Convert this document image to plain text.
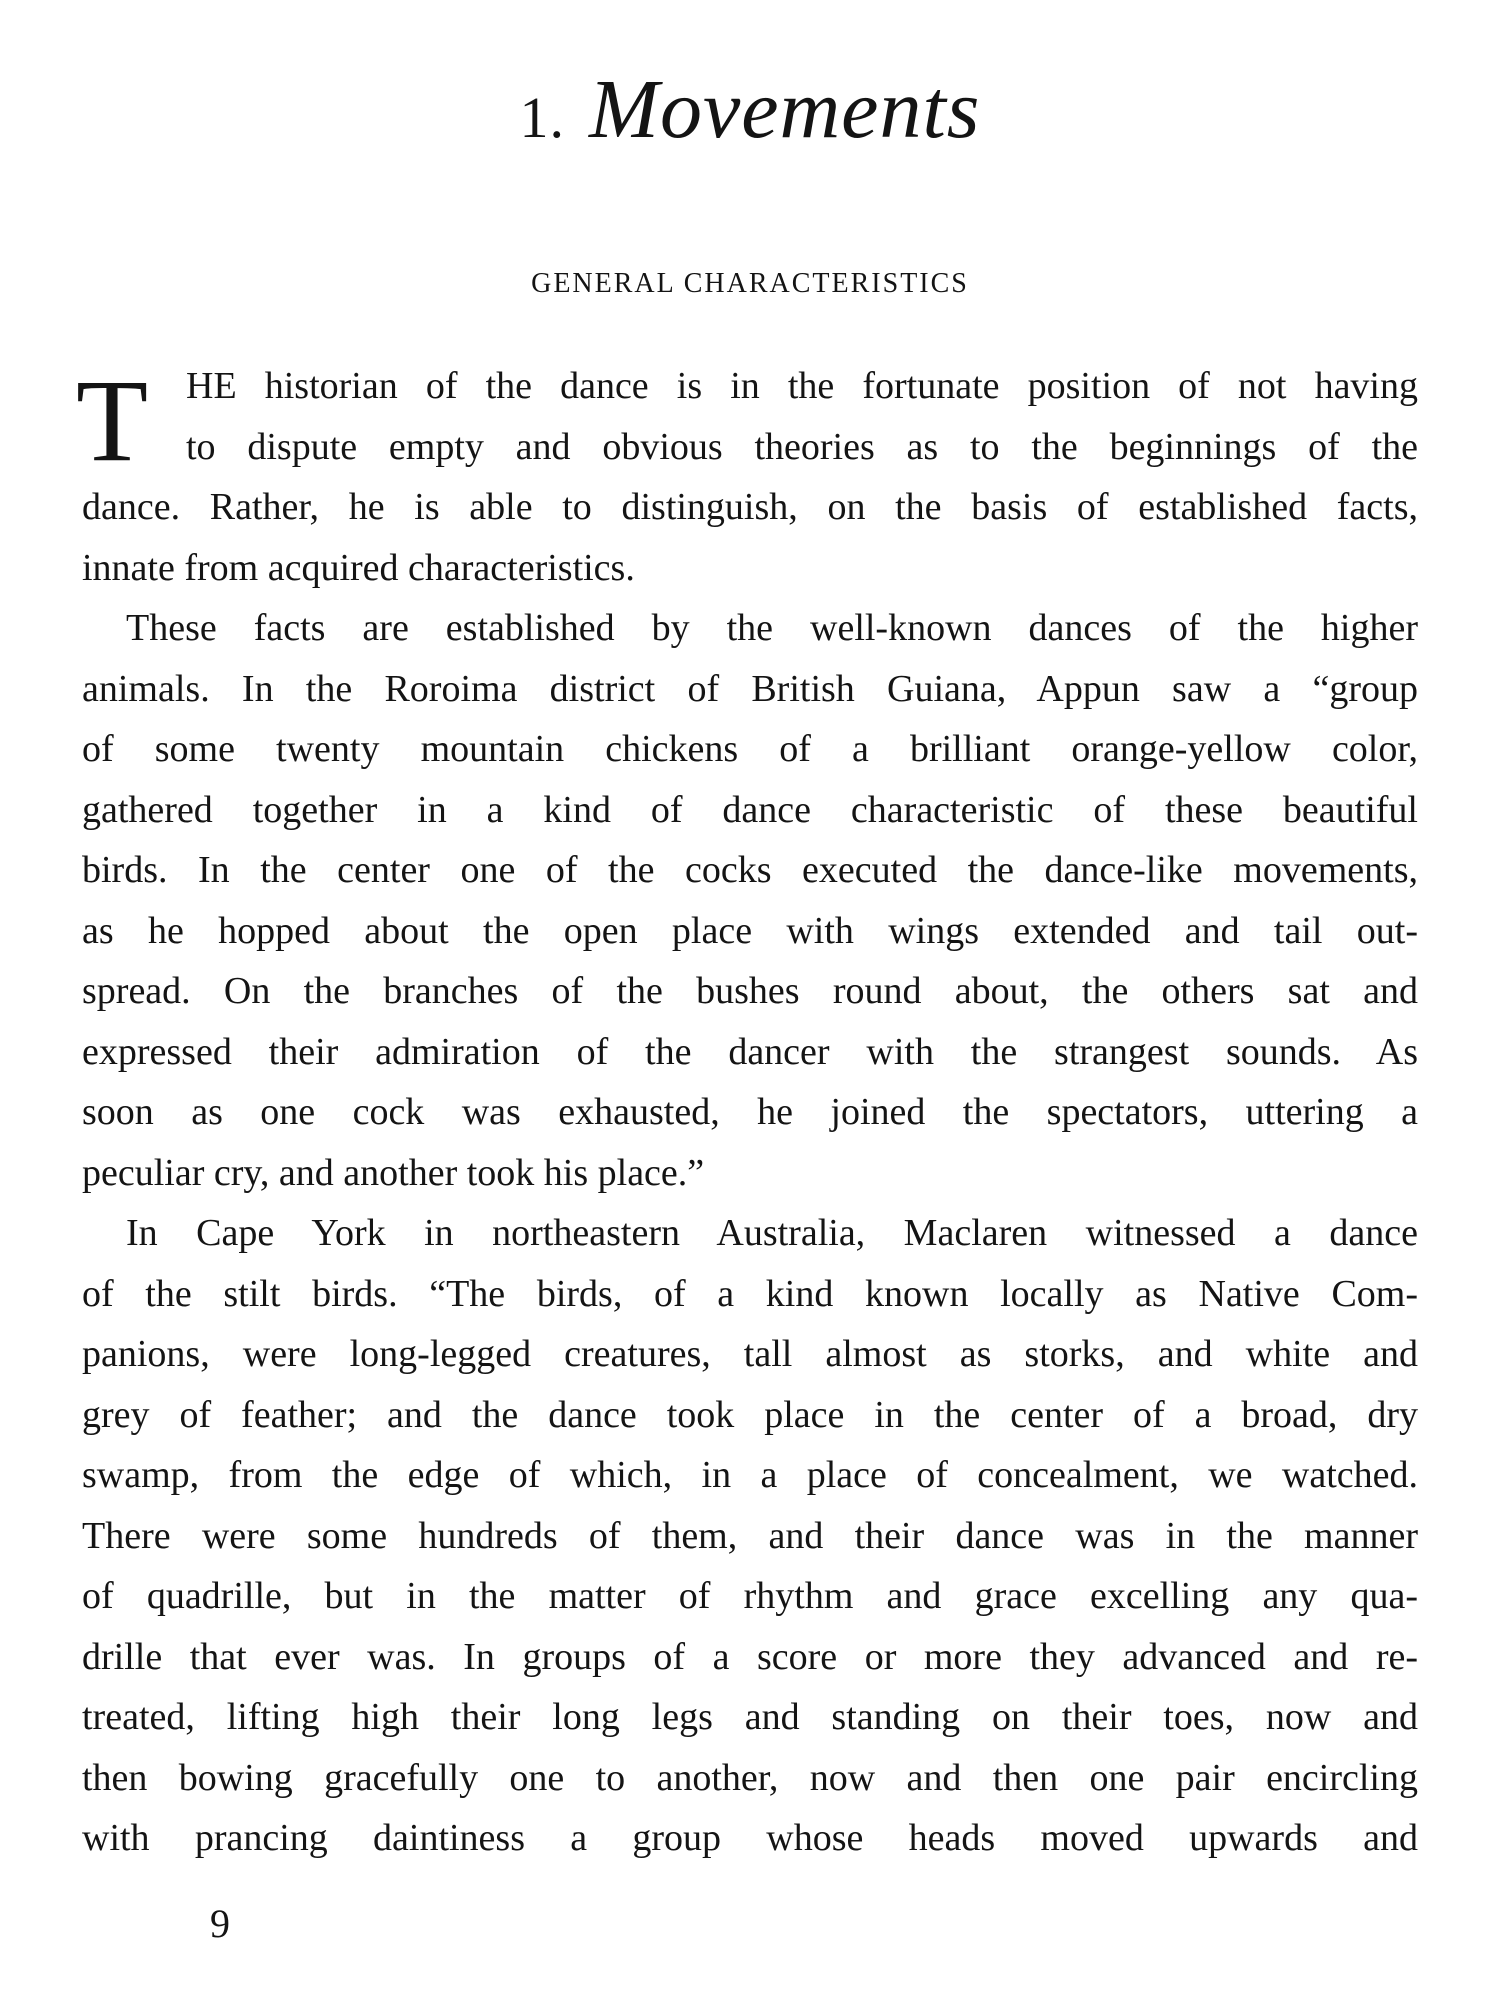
1. Movements
GENERAL CHARACTERISTICS
T HE historian of the dance is in the fortunate position of not having
to dispute empty and obvious theories as to the beginnings of the
dance. Rather, he is able to distinguish, on the basis of established facts,
innate from acquired characteristics.
These facts are established by the well-known dances of the higher
animals. In the Roroima district of British Guiana, Appun saw a “group
of some twenty mountain chickens of a brilliant orange-yellow color,
gathered together in a kind of dance characteristic of these beautiful
birds. In the center one of the cocks executed the dance-like movements,
as he hopped about the open place with wings extended and tail out-
spread. On the branches of the bushes round about, the others sat and
expressed their admiration of the dancer with the strangest sounds. As
soon as one cock was exhausted, he joined the spectators, uttering a
peculiar cry, and another took his place.”
In Cape York in northeastern Australia, Maclaren witnessed a dance
of the stilt birds. “The birds, of a kind known locally as Native Com-
panions, were long-legged creatures, tall almost as storks, and white and
grey of feather; and the dance took place in the center of a broad, dry
swamp, from the edge of which, in a place of concealment, we watched.
There were some hundreds of them, and their dance was in the manner
of quadrille, but in the matter of rhythm and grace excelling any qua-
drille that ever was. In groups of a score or more they advanced and re-
treated, lifting high their long legs and standing on their toes, now and
then bowing gracefully one to another, now and then one pair encircling
with prancing daintiness a group whose heads moved upwards and
9
